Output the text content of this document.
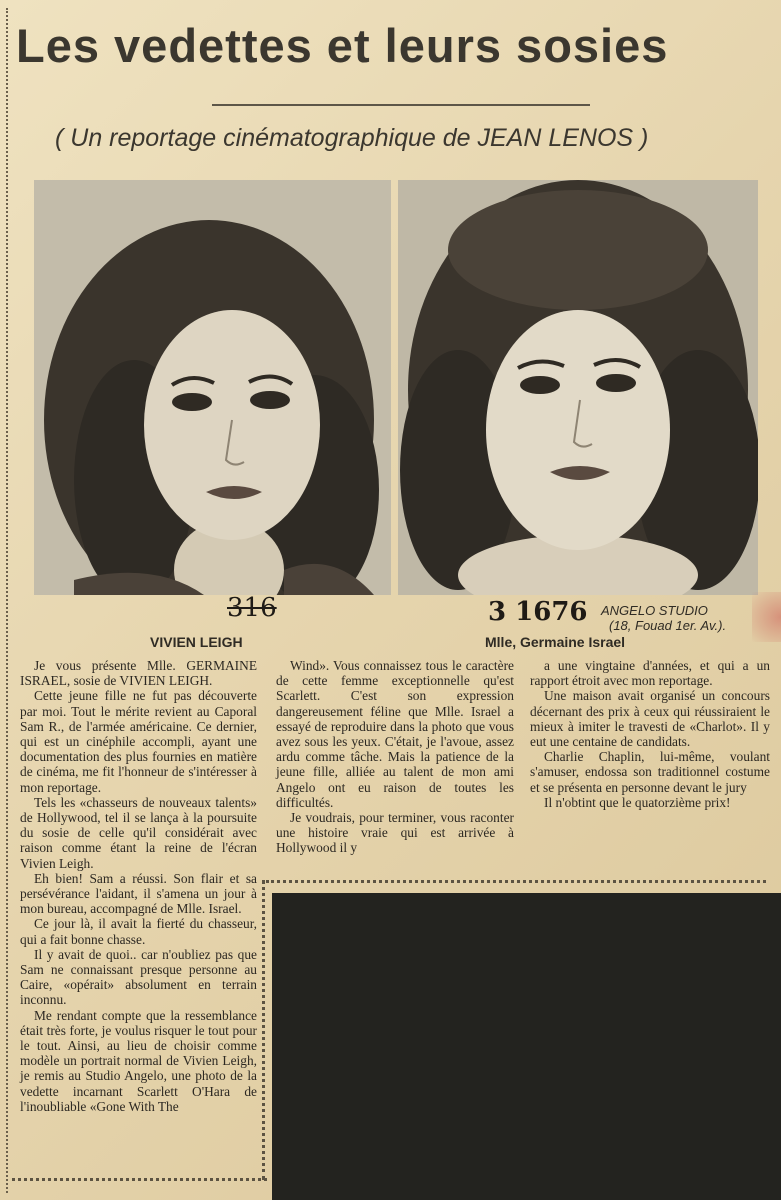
Les vedettes et leurs sosies
( Un reportage cinématographique de JEAN LENOS )
316	3 1676 ANGELO STUDIO
(18, Fouad 1er. Av.).
VIVIEN LEIGH	Mlle, Germaine Israel

Je vous présente Mlle. GERMAINE ISRAEL, sosie de VIVIEN LEIGH.

Cette jeune fille ne fut pas découverte par moi. Tout le mérite revient au Caporal Sam R., de l'armée américaine. Ce dernier, qui est un cinéphile accompli, ayant une documentation des plus fournies en matière de cinéma, me fit l'honneur de s'intéresser à mon reportage.

Tels les «chasseurs de nouveaux talents» de Hollywood, tel il se lança à la poursuite du sosie de celle qu'il considérait avec raison comme étant la reine de l'écran Vivien Leigh.

Eh bien! Sam a réussi. Son flair et sa persévérance l'aidant, il s'amena un jour à mon bureau, accompagné de Mlle. Israel.

Ce jour là, il avait la fierté du chasseur, qui a fait bonne chasse.

Il y avait de quoi.. car n'oubliez pas que Sam ne connaissant presque personne au Caire, «opérait» absolument en terrain inconnu.

Me rendant compte que la ressemblance était très forte, je voulus risquer le tout pour le tout. Ainsi, au lieu de choisir comme modèle un portrait normal de Vivien Leigh, je remis au Studio Angelo, une photo de la vedette incarnant Scarlett O'Hara de l'inoubliable «Gone With The

Wind». Vous connaissez tous le caractère de cette femme exceptionnelle qu'est Scarlett. C'est son expression dangereusement féline que Mlle. Israel a essayé de reproduire dans la photo que vous avez sous les yeux. C'était, je l'avoue, assez ardu comme tâche. Mais la patience de la jeune fille, alliée au talent de mon ami Angelo ont eu raison de toutes les difficultés.

Je voudrais, pour terminer, vous raconter une histoire vraie qui est arrivée à Hollywood il y

a une vingtaine d'années, et qui a un rapport étroit avec mon reportage.

Une maison avait organisé un concours décernant des prix à ceux qui réussiraient le mieux à imiter le travesti de «Charlot». Il y eut une centaine de candidats.

Charlie Chaplin, lui-même, voulant s'amuser, endossa son traditionnel costume et se présenta en personne devant le jury

Il n'obtint que le quatorzième prix!
